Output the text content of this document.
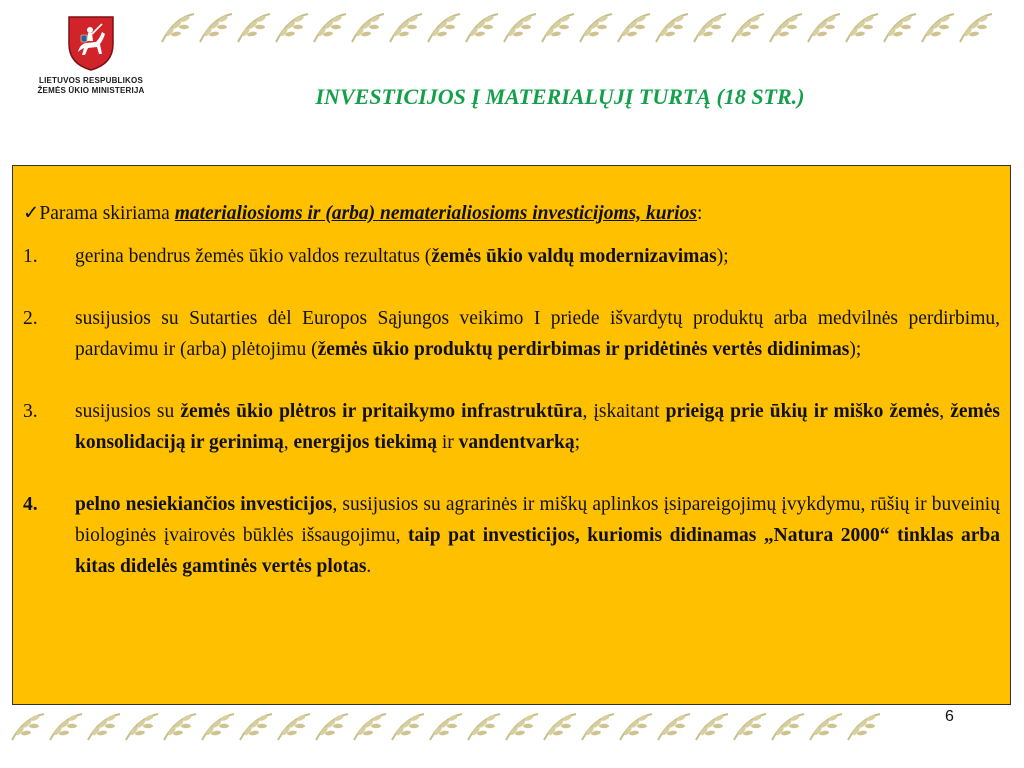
LIETUVOS RESPUBLIKOS
ŽEMĖS ŪKIO MINISTERIJA	INVESTICIJOS Į MATERIALŲJĮ TURTĄ (18 STR.)

✓Parama skiriama materialiosioms ir (arba) nematerialiosioms investicijoms, kurios:

1.	gerina bendrus žemės ūkio valdos rezultatus (žemės ūkio valdų modernizavimas);
2.	susijusios su Sutarties dėl Europos Sąjungos veikimo I priede išvardytų produktų arba medvilnės perdirbimu, pardavimu ir (arba) plėtojimu (žemės ūkio produktų perdirbimas ir pridėtinės vertės didinimas);
3.	susijusios su žemės ūkio plėtros ir pritaikymo infrastruktūra, įskaitant prieigą prie ūkių ir miško žemės, žemės konsolidaciją ir gerinimą, energijos tiekimą ir vandentvarką;
4.	pelno nesiekiančios investicijos, susijusios su agrarinės ir miškų aplinkos įsipareigojimų įvykdymu, rūšių ir buveinių biologinės įvairovės būklės išsaugojimu, taip pat investicijos, kuriomis didinamas „Natura 2000“ tinklas arba kitas didelės gamtinės vertės plotas.
6
